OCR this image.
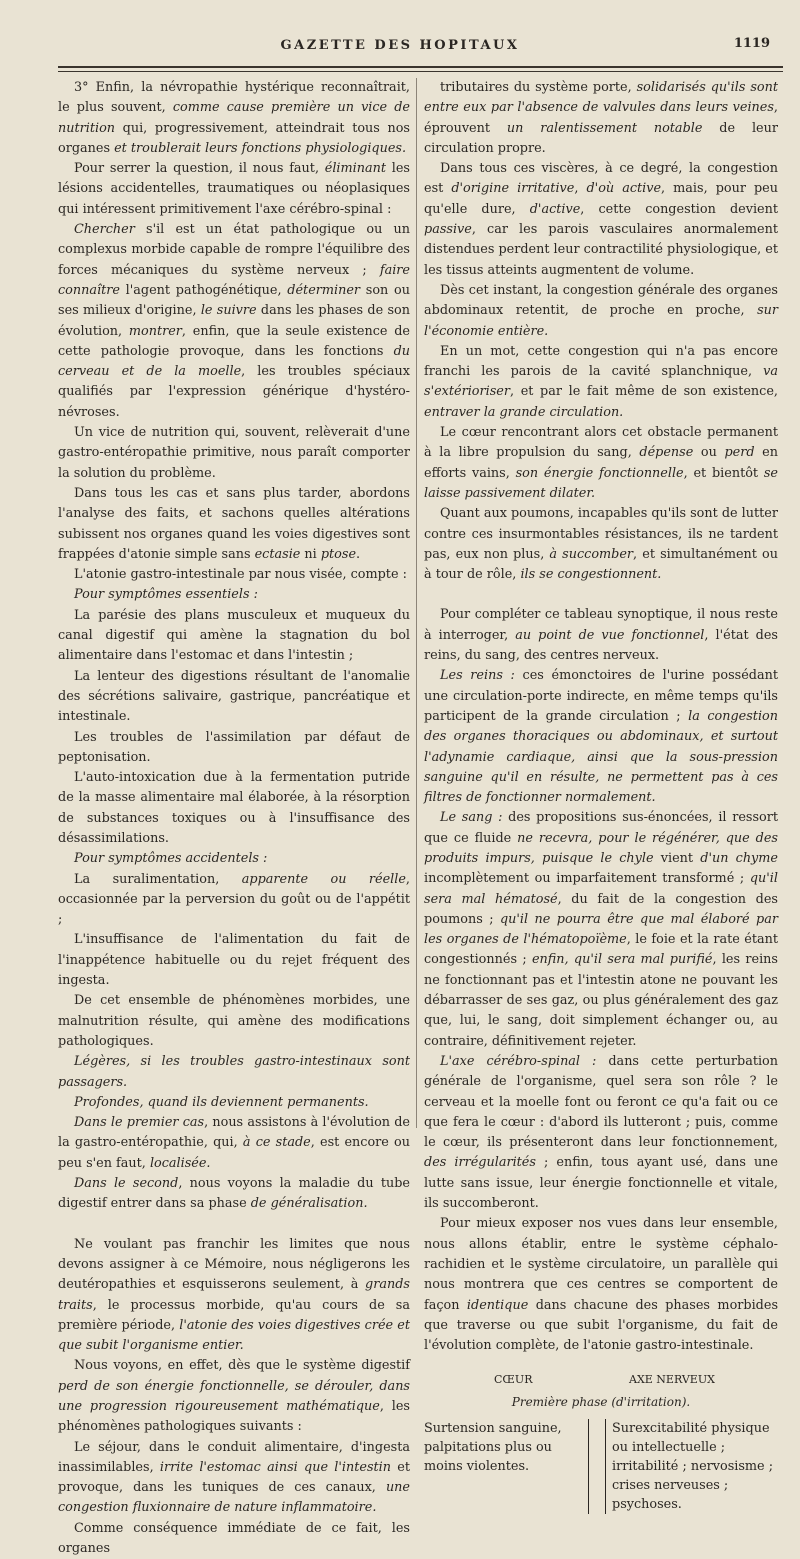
GAZETTE DES HOPITAUX	1119

3° Enfin, la névropathie hystérique reconnaîtrait, le plus souvent, comme cause première un vice de nutrition qui, progressivement, atteindrait tous nos organes et troublerait leurs fonctions physiologiques.

Pour serrer la question, il nous faut, éliminant les lésions accidentelles, traumatiques ou néoplasiques qui intéressent primitivement l'axe cérébro-spinal :

Chercher s'il est un état pathologique ou un complexus morbide capable de rompre l'équilibre des forces mécaniques du système nerveux ; faire connaître l'agent pathogénétique, déterminer son ou ses milieux d'origine, le suivre dans les phases de son évolution, montrer, enfin, que la seule existence de cette pathologie provoque, dans les fonctions du cerveau et de la moelle, les troubles spéciaux qualifiés par l'expression générique d'hystéro-névroses.

Un vice de nutrition qui, souvent, relèverait d'une gastro-entéropathie primitive, nous paraît comporter la solution du problème.

Dans tous les cas et sans plus tarder, abordons l'analyse des faits, et sachons quelles altérations subissent nos organes quand les voies digestives sont frappées d'atonie simple sans ectasie ni ptose.

L'atonie gastro-intestinale par nous visée, compte :

Pour symptômes essentiels :

La parésie des plans musculeux et muqueux du canal digestif qui amène la stagnation du bol alimentaire dans l'estomac et dans l'intestin ;

La lenteur des digestions résultant de l'anomalie des sécrétions salivaire, gastrique, pancréatique et intestinale.

Les troubles de l'assimilation par défaut de peptonisation.

L'auto-intoxication due à la fermentation putride de la masse alimentaire mal élaborée, à la résorption de substances toxiques ou à l'insuffisance des désassimilations.

Pour symptômes accidentels :

La suralimentation, apparente ou réelle, occasionnée par la perversion du goût ou de l'appétit ;

L'insuffisance de l'alimentation du fait de l'inappétence habituelle ou du rejet fréquent des ingesta.

De cet ensemble de phénomènes morbides, une malnutrition résulte, qui amène des modifications pathologiques.

Légères, si les troubles gastro-intestinaux sont passagers.

Profondes, quand ils deviennent permanents.

Dans le premier cas, nous assistons à l'évolution de la gastro-entéropathie, qui, à ce stade, est encore ou peu s'en faut, localisée.

Dans le second, nous voyons la maladie du tube digestif entrer dans sa phase de généralisation.

Ne voulant pas franchir les limites que nous devons assigner à ce Mémoire, nous négligerons les deutéropathies et esquisserons seulement, à grands traits, le processus morbide, qu'au cours de sa première période, l'atonie des voies digestives crée et que subit l'organisme entier.

Nous voyons, en effet, dès que le système digestif perd de son énergie fonctionnelle, se dérouler, dans une progression rigoureusement mathématique, les phénomènes pathologiques suivants :

Le séjour, dans le conduit alimentaire, d'ingesta inassimilables, irrite l'estomac ainsi que l'intestin et provoque, dans les tuniques de ces canaux, une congestion fluxionnaire de nature inflammatoire.

Comme conséquence immédiate de ce fait, les organes

tributaires du système porte, solidarisés qu'ils sont entre eux par l'absence de valvules dans leurs veines, éprouvent un ralentissement notable de leur circulation propre.

Dans tous ces viscères, à ce degré, la congestion est d'origine irritative, d'où active, mais, pour peu qu'elle dure, d'active, cette congestion devient passive, car les parois vasculaires anormalement distendues perdent leur contractilité physiologique, et les tissus atteints augmentent de volume.

Dès cet instant, la congestion générale des organes abdominaux retentit, de proche en proche, sur l'économie entière.

En un mot, cette congestion qui n'a pas encore franchi les parois de la cavité splanchnique, va s'extérioriser, et par le fait même de son existence, entraver la grande circulation.

Le cœur rencontrant alors cet obstacle permanent à la libre propulsion du sang, dépense ou perd en efforts vains, son énergie fonctionnelle, et bientôt se laisse passivement dilater.

Quant aux poumons, incapables qu'ils sont de lutter contre ces insurmontables résistances, ils ne tardent pas, eux non plus, à succomber, et simultanément ou à tour de rôle, ils se congestionnent.

Pour compléter ce tableau synoptique, il nous reste à interroger, au point de vue fonctionnel, l'état des reins, du sang, des centres nerveux.

Les reins : ces émonctoires de l'urine possédant une circulation-porte indirecte, en même temps qu'ils participent de la grande circulation ; la congestion des organes thoraciques ou abdominaux, et surtout l'adynamie cardiaque, ainsi que la sous-pression sanguine qu'il en résulte, ne permettent pas à ces filtres de fonctionner normalement.

Le sang : des propositions sus-énoncées, il ressort que ce fluide ne recevra, pour le régénérer, que des produits impurs, puisque le chyle vient d'un chyme incomplètement ou imparfaitement transformé ; qu'il sera mal hématosé, du fait de la congestion des poumons ; qu'il ne pourra être que mal élaboré par les organes de l'hématopoïème, le foie et la rate étant congestionnés ; enfin, qu'il sera mal purifié, les reins ne fonctionnant pas et l'intestin atone ne pouvant les débarrasser de ses gaz, ou plus généralement des gaz que, lui, le sang, doit simplement échanger ou, au contraire, définitivement rejeter.

L'axe cérébro-spinal : dans cette perturbation générale de l'organisme, quel sera son rôle ? le cerveau et la moelle font ou feront ce qu'a fait ou ce que fera le cœur : d'abord ils lutteront ; puis, comme le cœur, ils présenteront dans leur fonctionnement, des irrégularités ; enfin, tous ayant usé, dans une lutte sans issue, leur énergie fonctionnelle et vitale, ils succomberont.

Pour mieux exposer nos vues dans leur ensemble, nous allons établir, entre le système céphalo-rachidien et le système circulatoire, un parallèle qui nous montrera que ces centres se comportent de façon identique dans chacune des phases morbides que traverse ou que subit l'organisme, du fait de l'évolution complète, de l'atonie gastro-intestinale.

CŒUR	AXE NERVEUX
Première phase (d'irritation).
Surtension sanguine, palpitations plus ou moins violentes.
Surexcitabilité physique ou intellectuelle ; irritabilité ; nervosisme ; crises nerveuses ; psychoses.
